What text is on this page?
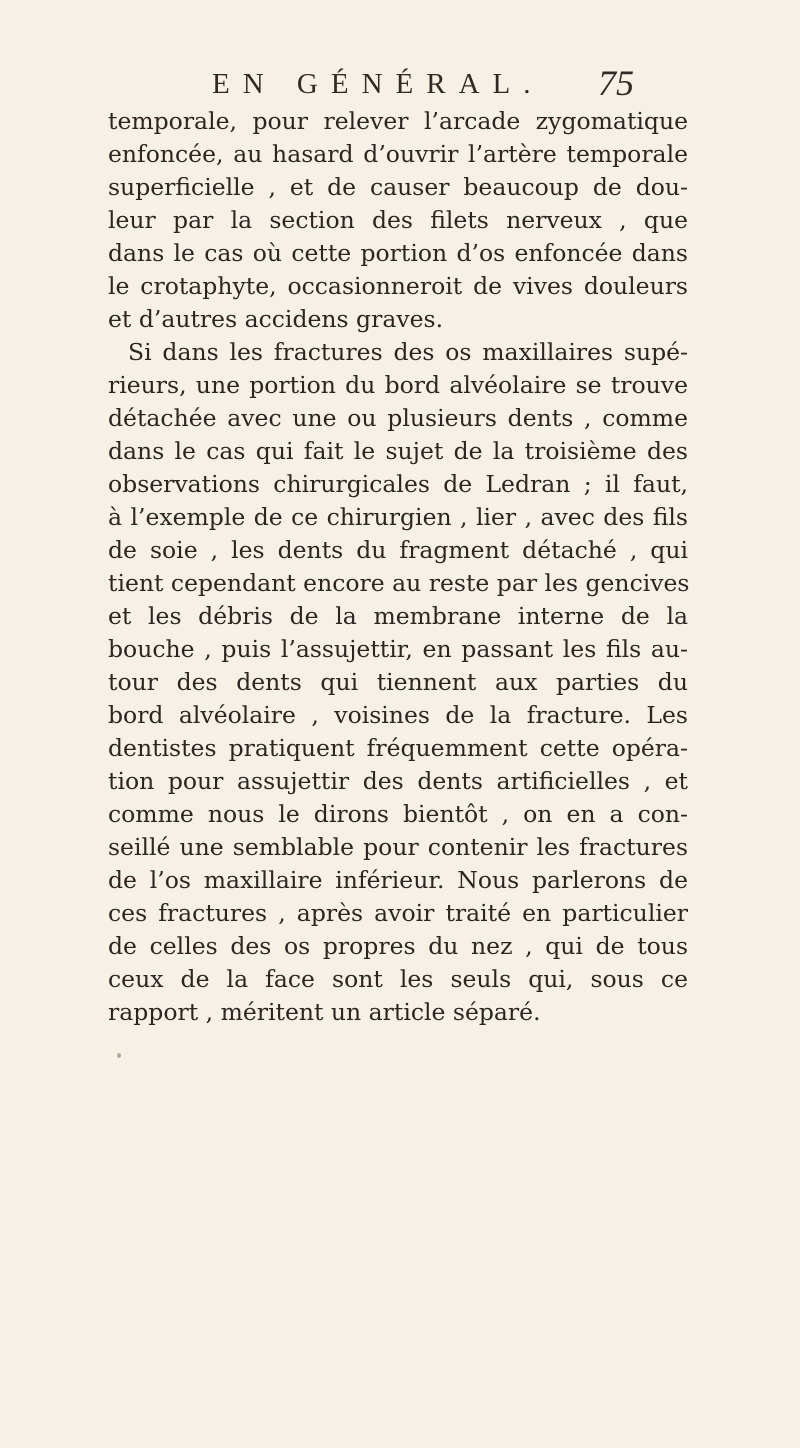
EN GÉNÉRAL. 75
temporale, pour relever l’arcade zygomatique
enfoncée, au hasard d’ouvrir l’artère temporale
superficielle , et de causer beaucoup de dou-
leur par la section des filets nerveux , que
dans le cas où cette portion d’os enfoncée dans
le crotaphyte, occasionneroit de vives douleurs
et d’autres accidens graves.
Si dans les fractures des os maxillaires supé-
rieurs, une portion du bord alvéolaire se trouve
détachée avec une ou plusieurs dents , comme
dans le cas qui fait le sujet de la troisième des
observations chirurgicales de Ledran ; il faut,
à l’exemple de ce chirurgien , lier , avec des fils
de soie , les dents du fragment détaché , qui
tient cependant encore au reste par les gencives
et les débris de la membrane interne de la
bouche , puis l’assujettir, en passant les fils au-
tour des dents qui tiennent aux parties du
bord alvéolaire , voisines de la fracture. Les
dentistes pratiquent fréquemment cette opéra-
tion pour assujettir des dents artificielles , et
comme nous le dirons bientôt , on en a con-
seillé une semblable pour contenir les fractures
de l’os maxillaire inférieur. Nous parlerons de
ces fractures , après avoir traité en particulier
de celles des os propres du nez , qui de tous
ceux de la face sont les seuls qui, sous ce
rapport , méritent un article séparé.
